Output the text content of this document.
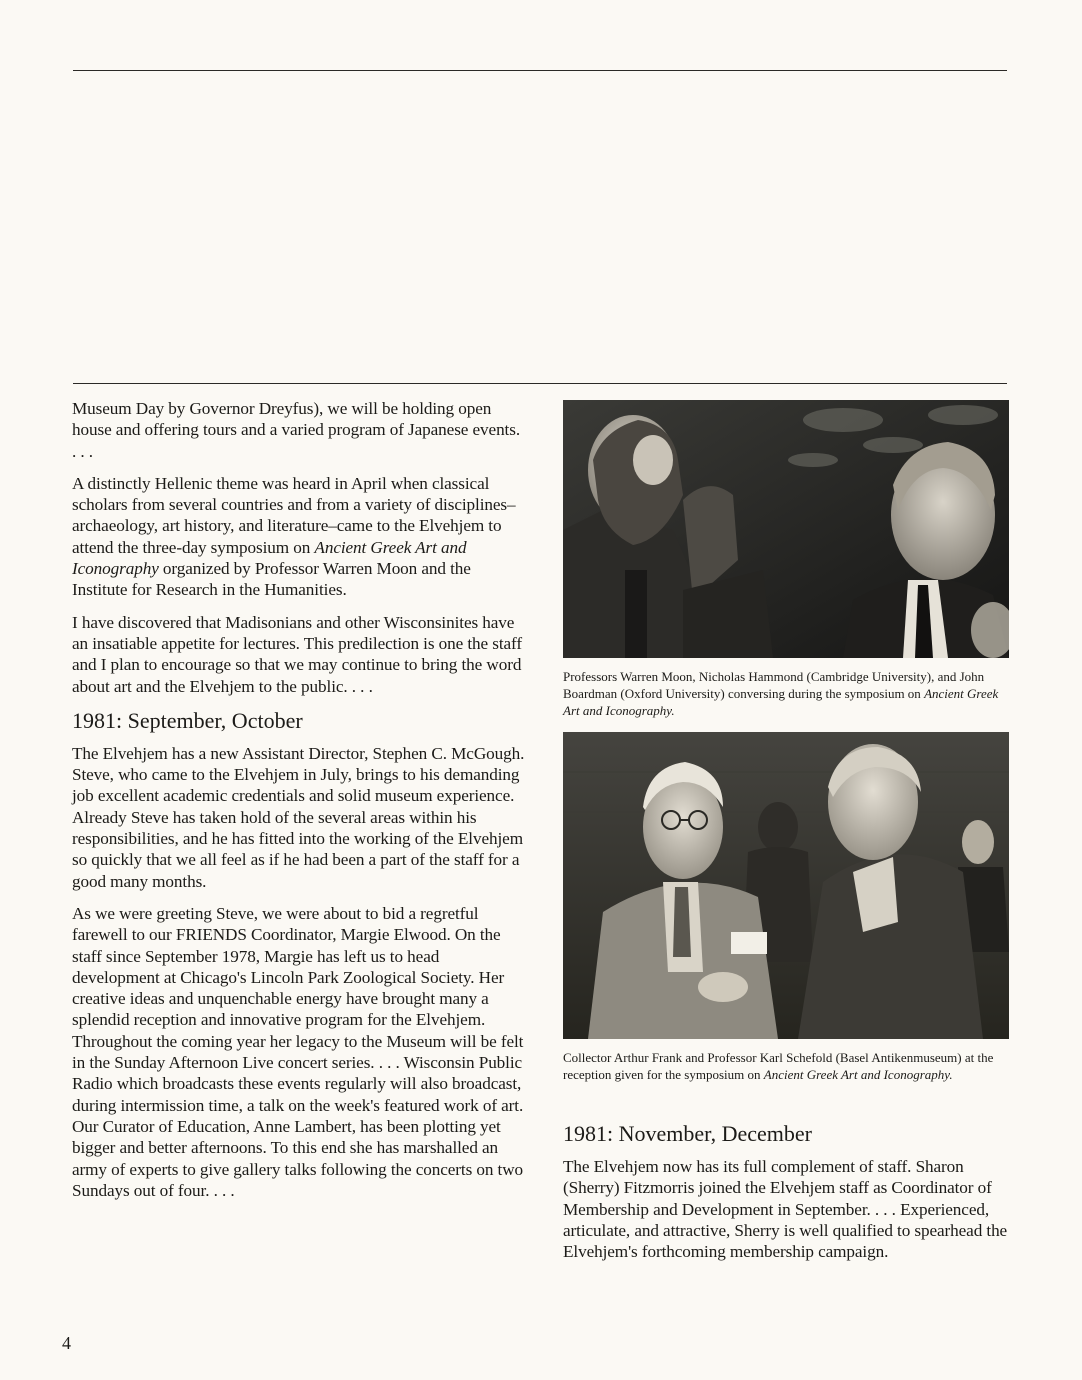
Museum Day by Governor Dreyfus), we will be holding open house and offering tours and a varied program of Japanese events. . . .

A distinctly Hellenic theme was heard in April when classical scholars from several countries and from a variety of disciplines–archaeology, art history, and literature–came to the Elvehjem to attend the three-day symposium on Ancient Greek Art and Iconography organized by Professor Warren Moon and the Institute for Research in the Humanities.

I have discovered that Madisonians and other Wisconsinites have an insatiable appetite for lectures. This predilection is one the staff and I plan to encourage so that we may continue to bring the word about art and the Elvehjem to the public. . . .

1981: September, October

The Elvehjem has a new Assistant Director, Stephen C. McGough. Steve, who came to the Elvehjem in July, brings to his demanding job excellent academic credentials and solid museum experience. Already Steve has taken hold of the several areas within his responsibilities, and he has fitted into the working of the Elvehjem so quickly that we all feel as if he had been a part of the staff for a good many months.

As we were greeting Steve, we were about to bid a regretful farewell to our FRIENDS Coordinator, Margie Elwood. On the staff since September 1978, Margie has left us to head development at Chicago's Lincoln Park Zoological Society. Her creative ideas and unquenchable energy have brought many a splendid reception and innovative program for the Elvehjem. Throughout the coming year her legacy to the Museum will be felt in the Sunday Afternoon Live concert series. . . . Wisconsin Public Radio which broadcasts these events regularly will also broadcast, during intermission time, a talk on the week's featured work of art. Our Curator of Education, Anne Lambert, has been plotting yet bigger and better afternoons. To this end she has marshalled an army of experts to give gallery talks following the concerts on two Sundays out of four. . . .

Professors Warren Moon, Nicholas Hammond (Cambridge University), and John Boardman (Oxford University) conversing during the symposium on Ancient Greek Art and Iconography.

Collector Arthur Frank and Professor Karl Schefold (Basel Antikenmuseum) at the reception given for the symposium on Ancient Greek Art and Iconography.

1981: November, December

The Elvehjem now has its full complement of staff. Sharon (Sherry) Fitzmorris joined the Elvehjem staff as Coordinator of Membership and Development in September. . . . Experienced, articulate, and attractive, Sherry is well qualified to spearhead the Elvehjem's forthcoming membership campaign.

4
